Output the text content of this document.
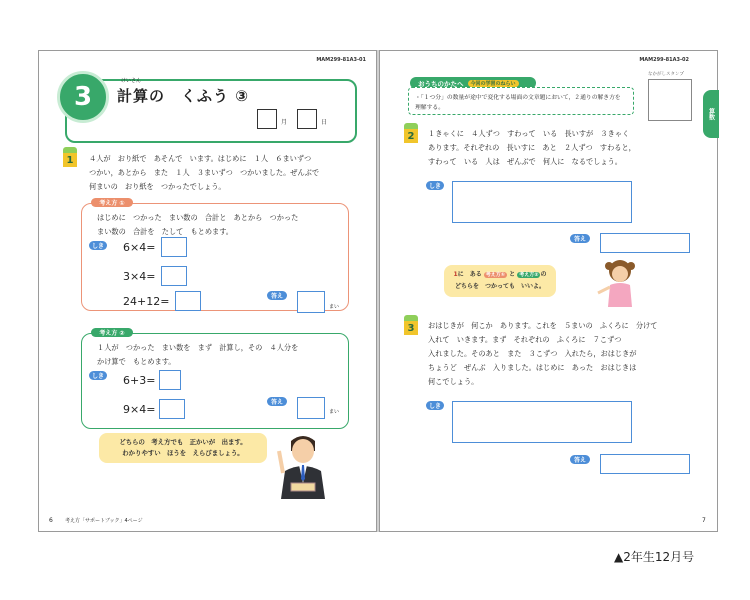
MAM299-81A3-01
3
けいさん
計算の　くふう ③
月	日
1	４人が　おり紙で　あそんで　います。はじめに　１人　６まいずつ
つかい，あとから　また　１人　３まいずつ　つかいました。ぜんぶで
何まいの　おり紙を　つかったでしょう。
考え方 ①
はじめに　つかった　まい数の　合計と　あとから　つかった
まい数の　合計を　たして　もとめます。
しき 6×4=
3×4=
24+12=	答え
まい
考え方 ②
１人が　つかった　まい数を　まず　計算し，その　４人分を
かけ算で　もとめます。
しき 6+3=
9×4=
答え
まい
どちらの　考え方でも　正かいが　出ます。
わかりやすい　ほうを　えらびましょう。
6 考え方「サポートブック」4ページ
MAM299-81A3-02
おうちのかたへ	今回の学習のねらい
・「１つ分」の数量が途中で変化する場面の文章題において，２通りの解き方を
理解する。
なかがしスタンプ
2	１きゃくに　４人ずつ　すわって　いる　長いすが　３きゃく
あります。それぞれの　長いすに　あと　２人ずつ　すわると，
すわって　いる　人は　ぜんぶで　何人に　なるでしょう。
しき
答え
1に　ある 考え方① と 考え方② の
どちらを　つかっても　いいよ。
3	おはじきが　何こか　あります。これを　５まいの　ふくろに　分けて
入れて　いきます。まず　それぞれの　ふくろに　７こずつ
入れました。そのあと　また　３こずつ　入れたら，おはじきが
ちょうど　ぜんぶ　入りました。はじめに　あった　おはじきは
何こでしょう。
しき
答え
7
算数
▲2年生12月号
